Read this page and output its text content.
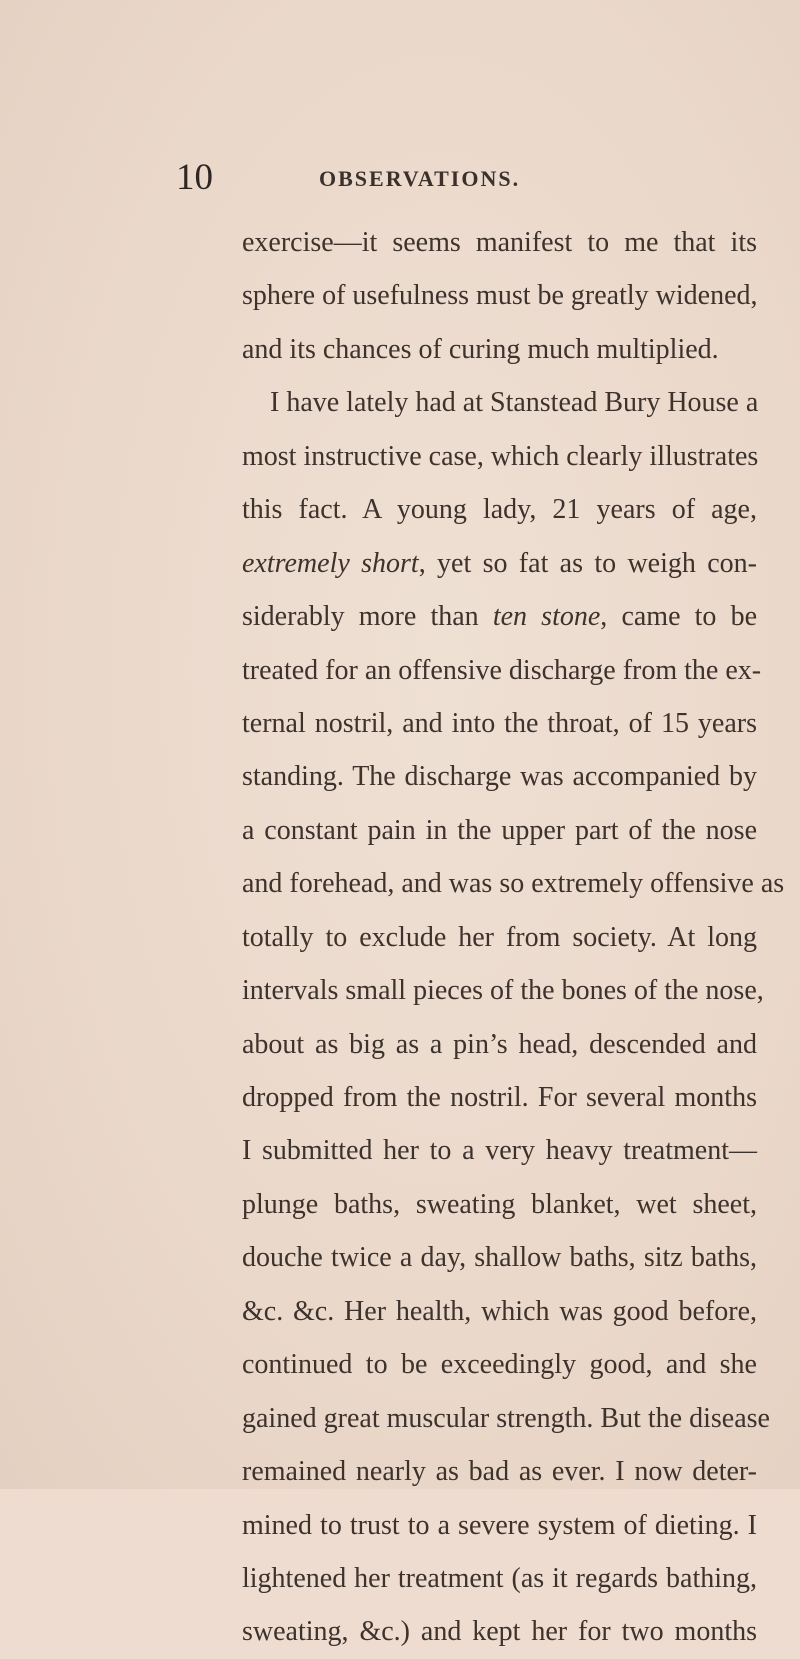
10	OBSERVATIONS.
exercise—it seems manifest to me that its
sphere of usefulness must be greatly widened,
and its chances of curing much multiplied.
I have lately had at Stanstead Bury House a
most instructive case, which clearly illustrates
this fact. A young lady, 21 years of age,
extremely short, yet so fat as to weigh con-
siderably more than ten stone, came to be
treated for an offensive discharge from the ex-
ternal nostril, and into the throat, of 15 years
standing. The discharge was accompanied by
a constant pain in the upper part of the nose
and forehead, and was so extremely offensive as
totally to exclude her from society. At long
intervals small pieces of the bones of the nose,
about as big as a pin’s head, descended and
dropped from the nostril. For several months
I submitted her to a very heavy treatment—
plunge baths, sweating blanket, wet sheet,
douche twice a day, shallow baths, sitz baths,
&c. &c. Her health, which was good before,
continued to be exceedingly good, and she
gained great muscular strength. But the disease
remained nearly as bad as ever. I now deter-
mined to trust to a severe system of dieting. I
lightened her treatment (as it regards bathing,
sweating, &c.) and kept her for two months
